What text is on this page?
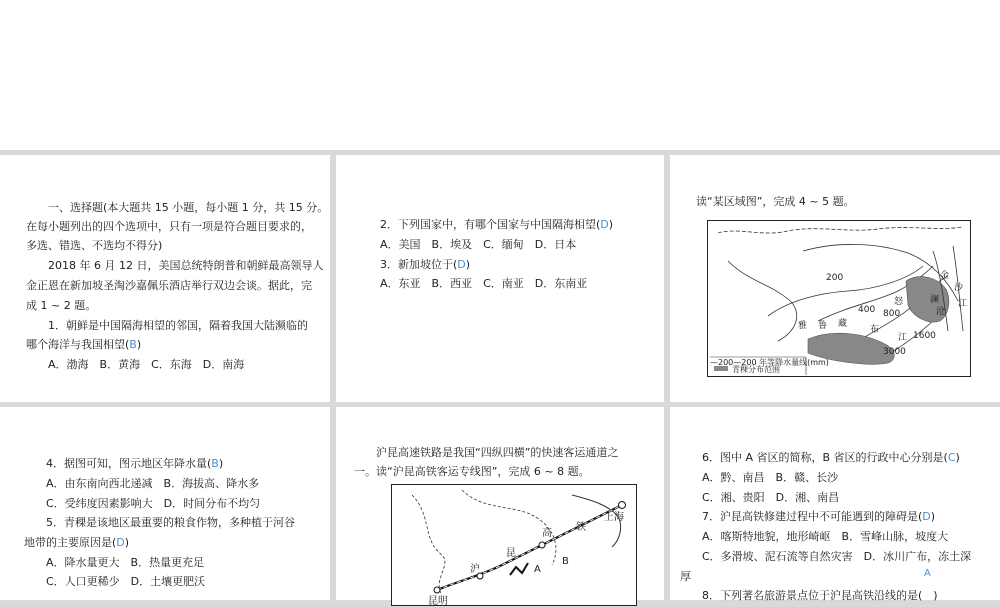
一、选择题(本大题共 15 小题，每小题 1 分，共 15 分。
在每小题列出的四个选项中，只有一项是符合题目要求的，
多选、错选、不选均不得分)
2018 年 6 月 12 日，美国总统特朗普和朝鲜最高领导人
金正恩在新加坡圣淘沙嘉佩乐酒店举行双边会谈。据此，完
成 1 ~ 2 题。
1．朝鲜是中国隔海相望的邻国，隔着我国大陆濒临的
哪个海洋与我国相望(B)
A．渤海　B．黄海　C．东海　D．南海
2．下列国家中，有哪个国家与中国隔海相望(D)
A．美国　B．埃及　C．缅甸　D．日本
3．新加坡位于(D)
A．东亚　B．西亚　C．南亚　D．东南亚
读“某区域图”，完成 4 ~ 5 题。
200
400 800
1600
3000
雅 鲁 藏
布
江
金
沙
江
怒	澜
沧
—200—200 年等降水量线(mm)
青稞分布范围
4．据图可知，图示地区年降水量(B)
A．由东南向西北递减　B．海拔高、降水多
C．受纬度因素影响大　D．时间分布不均匀
5．青稞是该地区最重要的粮食作物，多种植于河谷
地带的主要原因是(D)
A．降水量更大　B．热量更充足
C．人口更稀少　D．土壤更肥沃
沪昆高速铁路是我国“四纵四横”的快速客运通道之
一。读“沪昆高铁客运专线图”，完成 6 ~ 8 题。
上海
沪
昆
高
铁
A
B
昆明
6．图中 A 省区的简称，B 省区的行政中心分别是(C)
A．黔、南昌　B．赣、长沙
C．湘、贵阳　D．湘、南昌
7．沪昆高铁修建过程中不可能遇到的障碍是(D)
A．喀斯特地貌，地形崎岖　B．雪峰山脉，坡度大
C．多滑坡、泥石流等自然灾害　D．冰川广布，冻土深
厚	A
8．下列著名旅游景点位于沪昆高铁沿线的是(　)
